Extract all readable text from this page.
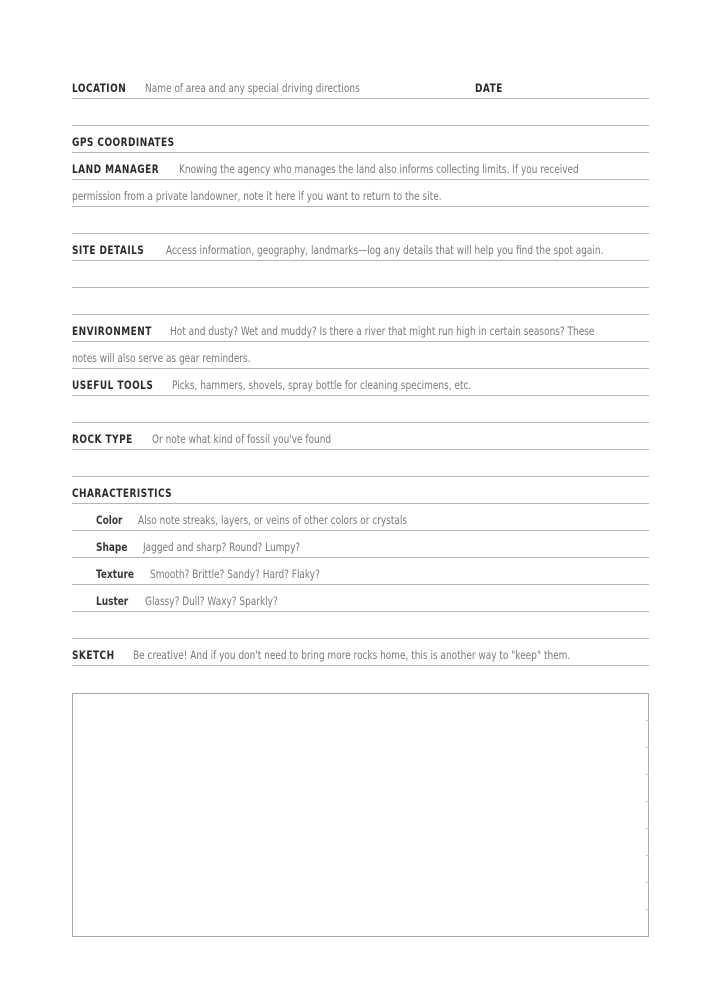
LOCATION Name of area and any special driving directions	DATE
GPS COORDINATES
LAND MANAGER Knowing the agency who manages the land also informs collecting limits. If you received
permission from a private landowner, note it here if you want to return to the site.
SITE DETAILS Access information, geography, landmarks—log any details that will help you find the spot again.
ENVIRONMENT Hot and dusty? Wet and muddy? Is there a river that might run high in certain seasons? These
notes will also serve as gear reminders.
USEFUL TOOLS Picks, hammers, shovels, spray bottle for cleaning specimens, etc.
ROCK TYPE Or note what kind of fossil you've found
CHARACTERISTICS
Color Also note streaks, layers, or veins of other colors or crystals
Shape Jagged and sharp? Round? Lumpy?
Texture Smooth? Brittle? Sandy? Hard? Flaky?
Luster Glassy? Dull? Waxy? Sparkly?
SKETCH Be creative! And if you don't need to bring more rocks home, this is another way to "keep" them.
